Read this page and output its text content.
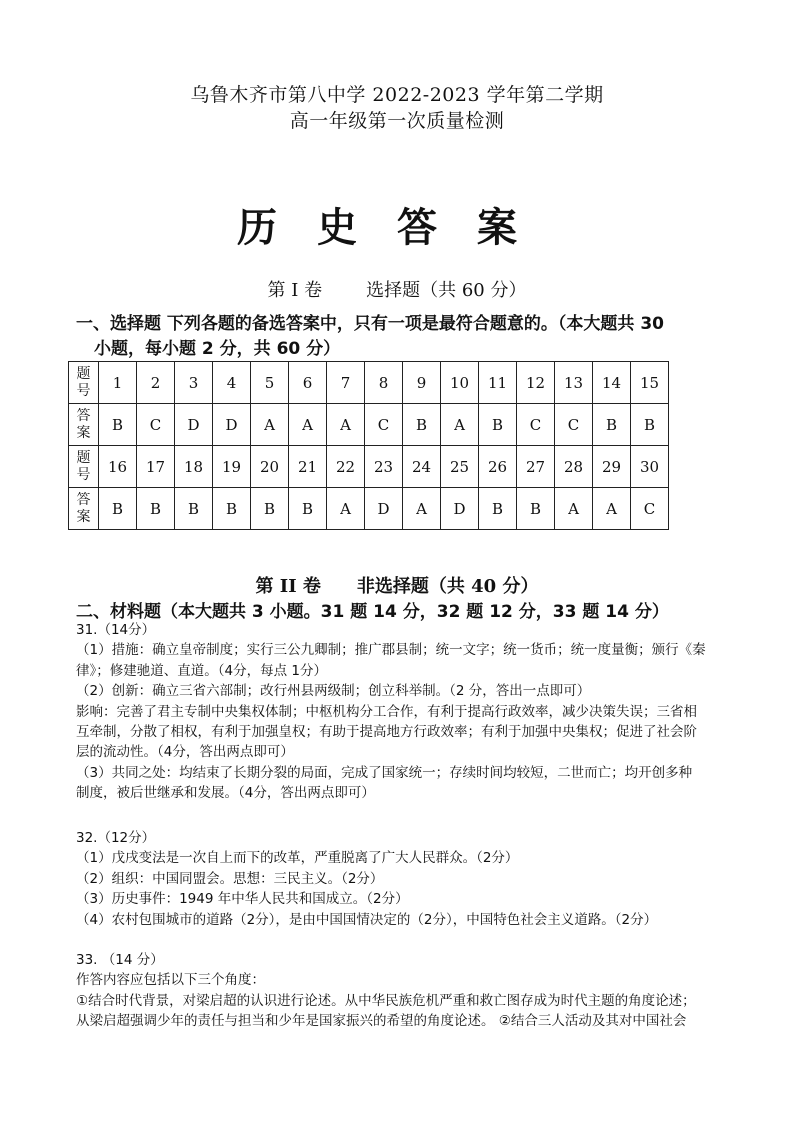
乌鲁木齐市第八中学 2022-2023 学年第二学期
高一年级第一次质量检测
历史答案
第 I 卷 选择题（共 60 分）
一、选择题 下列各题的备选答案中，只有一项是最符合题意的。（本大题共 30
小题，每小题 2 分，共 60 分）
题
号	1	2	3	4	5	6	7	8	9	10	11	12	13	14	15

答
案	B	C	D	D	A	A	A	C	B	A	B	C	C	B	B

题
号	16	17	18	19	20	21	22	23	24	25	26	27	28	29	30

答
案	B	B	B	B	B	B	A	D	A	D	B	B	A	A	C
第 II 卷 非选择题（共 40 分）
二、材料题（本大题共 3 小题。31 题 14 分，32 题 12 分，33 题 14 分）

31.（14分）

（1）措施：确立皇帝制度；实行三公九卿制；推广郡县制；统一文字；统一货币；统一度量衡；颁行《秦

律》；修建驰道、直道。（4分，每点 1分）

（2）创新：确立三省六部制；改行州县两级制；创立科举制。（2 分，答出一点即可）

影响：完善了君主专制中央集权体制；中枢机构分工合作，有利于提高行政效率，减少决策失误；三省相

互牵制，分散了相权，有利于加强皇权；有助于提高地方行政效率；有利于加强中央集权；促进了社会阶

层的流动性。（4分，答出两点即可）

（3）共同之处：均结束了长期分裂的局面，完成了国家统一；存续时间均较短，二世而亡；均开创多种

制度，被后世继承和发展。（4分，答出两点即可）

32.（12分）

（1）戊戌变法是一次自上而下的改革，严重脱离了广大人民群众。（2分）

（2）组织：中国同盟会。思想：三民主义。（2分）

（3）历史事件：1949 年中华人民共和国成立。（2分）

（4）农村包围城市的道路（2分），是由中国国情决定的（2分），中国特色社会主义道路。（2分）

33. （14 分）

作答内容应包括以下三个角度：

①结合时代背景，对梁启超的认识进行论述。从中华民族危机严重和救亡图存成为时代主题的角度论述；

从梁启超强调少年的责任与担当和少年是国家振兴的希望的角度论述。 ②结合三人活动及其对中国社会
